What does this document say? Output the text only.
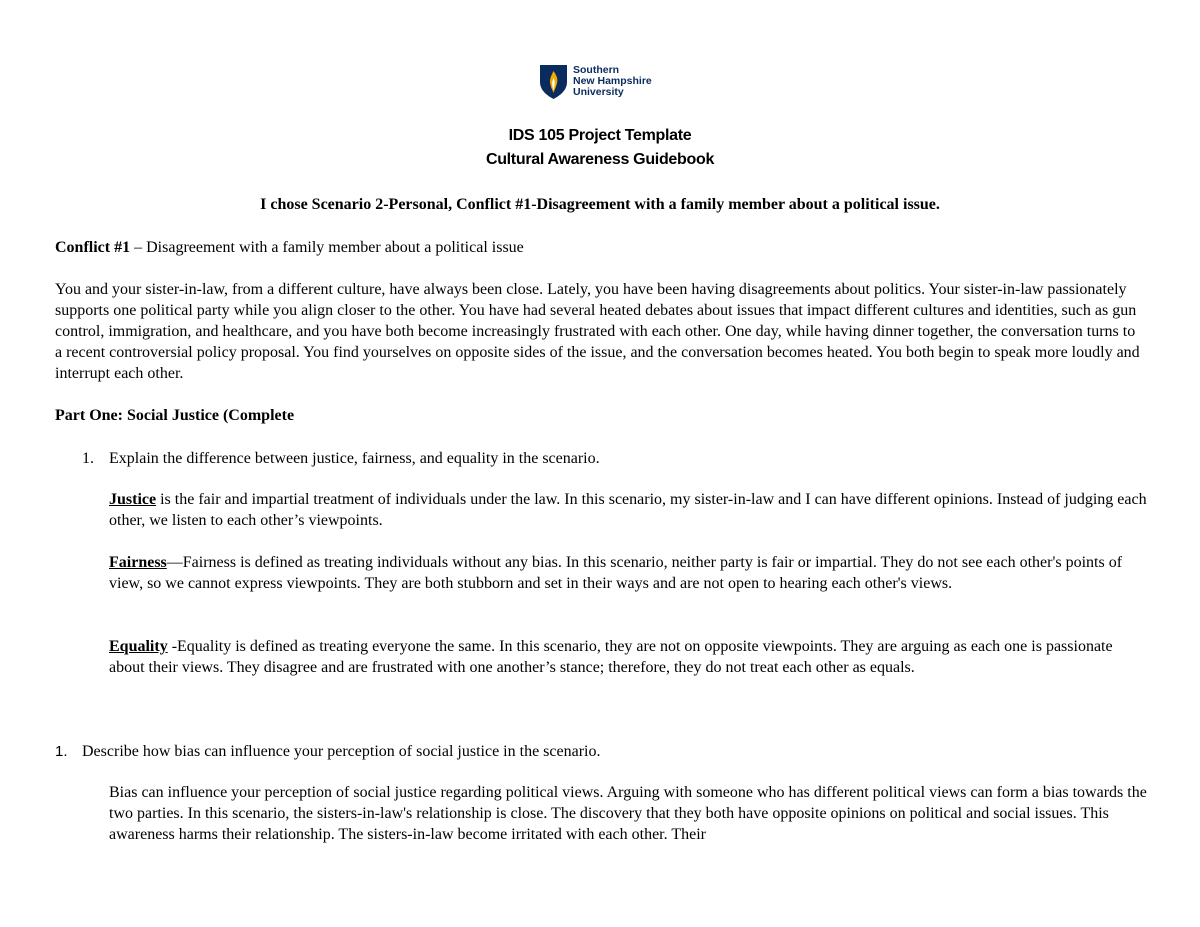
Southern
New Hampshire
University
IDS 105 Project Template
Cultural Awareness Guidebook
I chose Scenario 2-Personal, Conflict #1-Disagreement with a family member about a political issue.

Conflict #1 – Disagreement with a family member about a political issue

You and your sister-in-law, from a different culture, have always been close. Lately, you have been having disagreements about politics. Your sister-in-law passionately supports one political party while you align closer to the other. You have had several heated debates about issues that impact different cultures and identities, such as gun control, immigration, and healthcare, and you have both become increasingly frustrated with each other. One day, while having dinner together, the conversation turns to a recent controversial policy proposal. You find yourselves on opposite sides of the issue, and the conversation becomes heated. You both begin to speak more loudly and interrupt each other.

Part One: Social Justice (Complete
1. Explain the difference between justice, fairness, and equality in the scenario.

Justice is the fair and impartial treatment of individuals under the law. In this scenario, my sister-in-law and I can have different opinions. Instead of judging each other, we listen to each other’s viewpoints.

Fairness—Fairness is defined as treating individuals without any bias. In this scenario, neither party is fair or impartial. They do not see each other's points of view, so we cannot express viewpoints. They are both stubborn and set in their ways and are not open to hearing each other's views.

Equality -Equality is defined as treating everyone the same. In this scenario, they are not on opposite viewpoints. They are arguing as each one is passionate about their views. They disagree and are frustrated with one another’s stance; therefore, they do not treat each other as equals.

1. Describe how bias can influence your perception of social justice in the scenario.

Bias can influence your perception of social justice regarding political views. Arguing with someone who has different political views can form a bias towards the two parties. In this scenario, the sisters-in-law's relationship is close. The discovery that they both have opposite opinions on political and social issues. This awareness harms their relationship. The sisters-in-law become irritated with each other. Their
